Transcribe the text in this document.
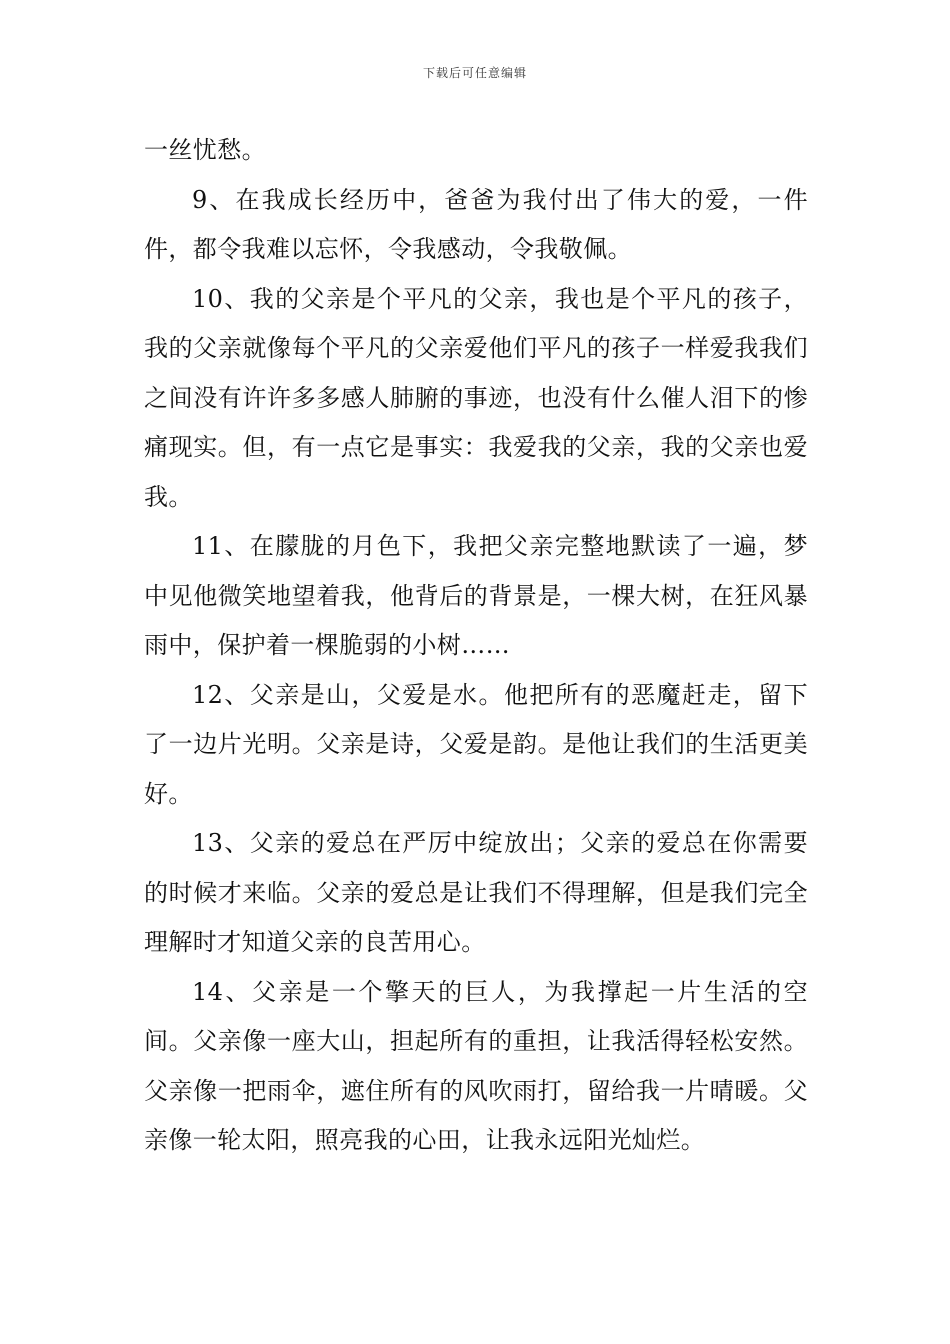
下载后可任意编辑

一丝忧愁。

9、在我成长经历中，爸爸为我付出了伟大的爱，一件件，都令我难以忘怀，令我感动，令我敬佩。

10、我的父亲是个平凡的父亲，我也是个平凡的孩子，我的父亲就像每个平凡的父亲爱他们平凡的孩子一样爱我我们之间没有许许多多感人肺腑的事迹，也没有什么催人泪下的惨痛现实。但，有一点它是事实：我爱我的父亲，我的父亲也爱我。

11、在朦胧的月色下，我把父亲完整地默读了一遍，梦中见他微笑地望着我，他背后的背景是，一棵大树，在狂风暴雨中，保护着一棵脆弱的小树……

12、父亲是山，父爱是水。他把所有的恶魔赶走，留下了一边片光明。父亲是诗，父爱是韵。是他让我们的生活更美好。

13、父亲的爱总在严厉中绽放出；父亲的爱总在你需要的时候才来临。父亲的爱总是让我们不得理解，但是我们完全理解时才知道父亲的良苦用心。

14、父亲是一个擎天的巨人，为我撑起一片生活的空间。父亲像一座大山，担起所有的重担，让我活得轻松安然。父亲像一把雨伞，遮住所有的风吹雨打，留给我一片晴暖。父亲像一轮太阳，照亮我的心田，让我永远阳光灿烂。
